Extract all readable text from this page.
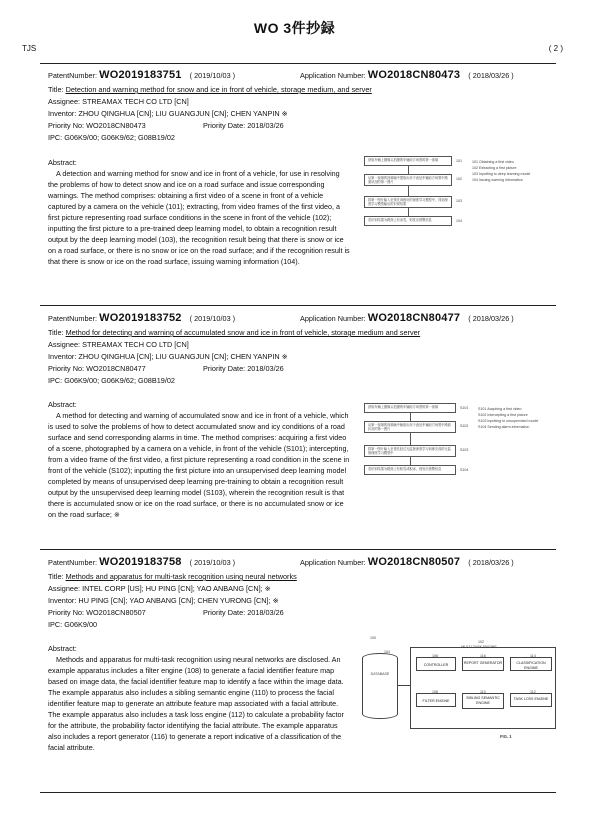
WO 3件抄録
TJS	( 2 )
PatentNumber: WO2019183751 ( 2019/10/03 )	Application Number: WO2018CN80473 ( 2018/03/26 )
Title: Detection and warning method for snow and ice in front of vehicle, storage medium, and server
Assignee: STREAMAX TECH CO LTD [CN]
Inventor: ZHOU QINGHUA [CN]; LIU GUANGJUN [CN]; CHEN YANPIN ※
Priority No: WO2018CN80473	Priority Date: 2018/03/26
IPC: G06K9/00; G06K9/62; G08B19/02
Abstract:
A detection and warning method for snow and ice in front of a vehicle, for use in resolving the problems of how to detect snow and ice on a road surface and issue corresponding warnings. The method comprises: obtaining a first video of a scene in front of a vehicle captured by a camera on the vehicle (101); extracting, from video frames of the first video, a first picture representing road surface conditions in the scene in front of the vehicle (102); inputting the first picture to a pre-trained deep learning model, to obtain a recognition result output by the deep learning model (103), the recognition result being that there is snow or ice on a road surface, or there is no snow or ice on the road surface; and if the recognition result is that there is snow or ice on the road surface, issuing warning information (104).
获取车辆上摄像头拍摄的车辆前方场景的第一视频
从第一视频的视频帧中提取出用于表征车辆前方场景中路面状况的第一图片
将第一图片输入至预先训练好的深度学习模型中，得到深度学习模型输出的识别结果
若识别结果为路面上有冰雪，则发出预警信息
101
102
103
104
101 Obtaining a first video
102 Extracting a first picture
103 Inputting to deep learning model
104 Issuing warning information
PatentNumber: WO2019183752 ( 2019/10/03 )	Application Number: WO2018CN80477 ( 2018/03/26 )
Title: Method for detecting and warning of accumulated snow and ice in front of vehicle, storage medium and server
Assignee: STREAMAX TECH CO LTD [CN]
Inventor: ZHOU QINGHUA [CN]; LIU GUANGJUN [CN]; CHEN YANPIN ※
Priority No: WO2018CN80477	Priority Date: 2018/03/26
IPC: G06K9/00; G06K9/62; G08B19/02
Abstract:
A method for detecting and warning of accumulated snow and ice in front of a vehicle, which is used to solve the problems of how to detect accumulated snow and icy conditions of a road surface and send corresponding alarms in time. The method comprises: acquiring a first video of a scene, photographed by a camera on a vehicle, in front of the vehicle (S101); intercepting, from a video frame of the first video, a first picture representing a road condition in the scene in front of the vehicle (S102); inputting the first picture into an unsupervised deep learning model completed by means of unsupervised deep learning pre-training to obtain a recognition result output by the unsupervised deep learning model (S103), wherein the recognition result is that there is accumulated snow or ice on the road surface, or there is no accumulated snow or ice on the road surface; ※
获取车辆上摄像头拍摄的车辆前方场景的第一视频
从第一视频的视频帧中截取出用于表征车辆前方场景中路面状况的第一图片
将第一图片输入至预先经过无监督深度学习训练完成的无监督深度学习模型中
若识别结果为路面上有积雪或积冰，则发出预警信息
S101
S102
S103
S104
S101 Acquiring a first video
S102 Intercepting a first picture
S103 Inputting to unsupervised model
S104 Sending alarm information
PatentNumber: WO2019183758 ( 2019/10/03 )	Application Number: WO2018CN80507 ( 2018/03/26 )
Title: Methods and apparatus for multi-task recognition using neural networks
Assignee: INTEL CORP [US]; HU PING [CN]; YAO ANBANG [CN]; ※
Inventor: HU PING [CN]; YAO ANBANG [CN]; CHEN YURONG [CN]; ※
Priority No: WO2018CN80507	Priority Date: 2018/03/26
IPC: G06K9/00
Abstract:
Methods and apparatus for multi-task recognition using neural networks are disclosed. An example apparatus includes a filter engine (108) to generate a facial identifier feature map based on image data, the facial identifier feature map to identify a face within the image data. The example apparatus also includes a sibling semantic engine (110) to process the facial identifier feature map to generate an attribute feature map associated with a facial attribute. The example apparatus also includes a task loss engine (112) to calculate a probability factor for the attribute, the probability factor identifying the facial attribute. The example apparatus also includes a report generator (116) to generate a report indicative of a classification of the facial attribute.
100
MULTI-TASK ENGINE
102
DATABASE
104
CONTROLLER	REPORT GENERATOR	CLASSIFICATION ENGINE
FILTER ENGINE
SIBLING SEMANTIC ENGINE
TASK LOSS ENGINE
106	116	114
108	110	112
FIG. 1
